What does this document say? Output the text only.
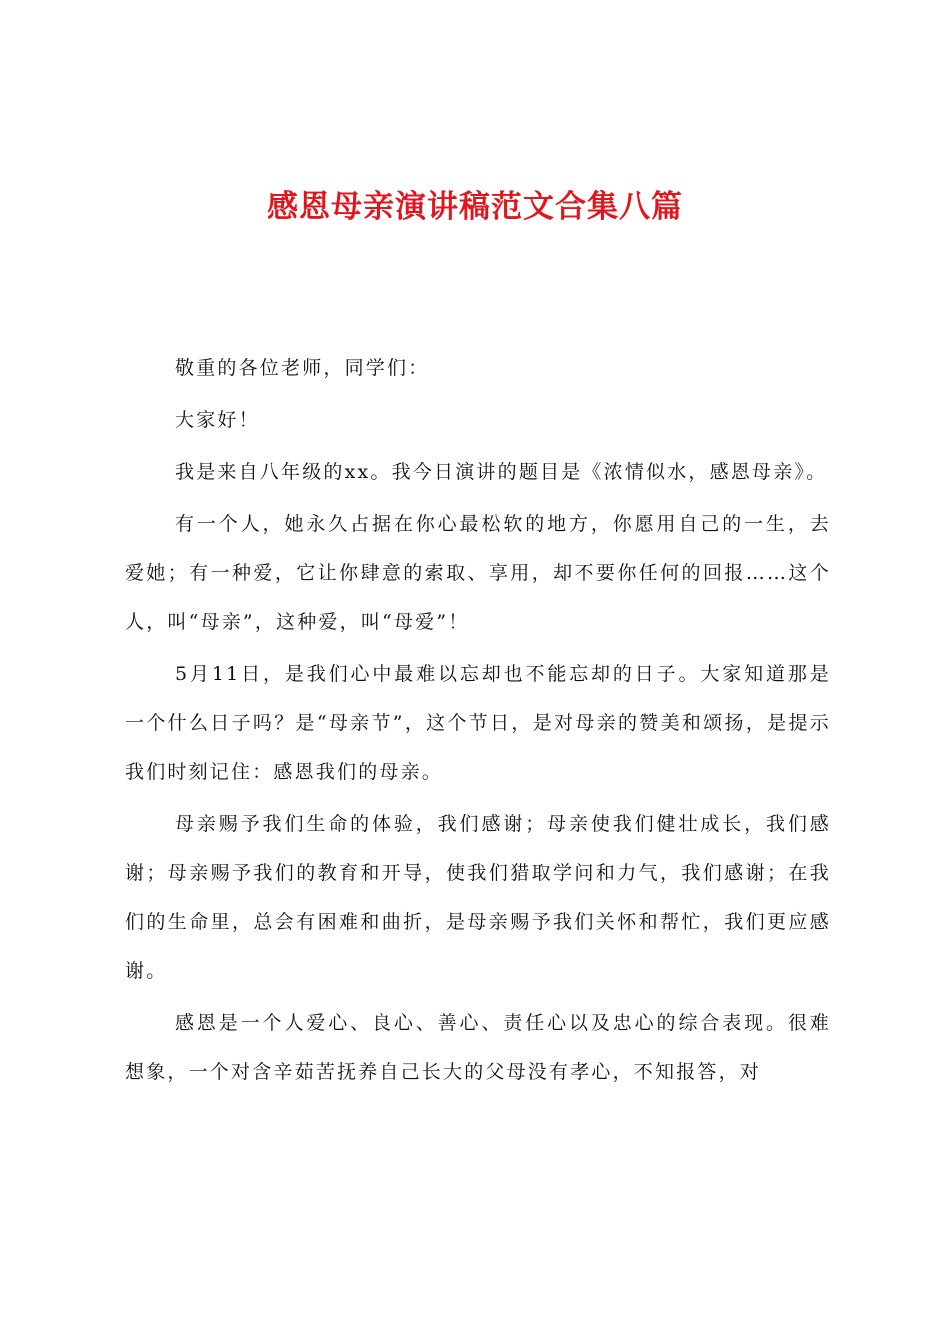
感恩母亲演讲稿范文合集八篇

敬重的各位老师，同学们：

大家好！

我是来自八年级的xx。我今日演讲的题目是《浓情似水，感恩母亲》。

有一个人，她永久占据在你心最松软的地方，你愿用自己的一生，去爱她；有一种爱，它让你肆意的索取、享用，却不要你任何的回报……这个人，叫“母亲”，这种爱，叫“母爱”！

5月11日，是我们心中最难以忘却也不能忘却的日子。大家知道那是一个什么日子吗？是“母亲节”，这个节日，是对母亲的赞美和颂扬，是提示我们时刻记住：感恩我们的母亲。

母亲赐予我们生命的体验，我们感谢；母亲使我们健壮成长，我们感谢；母亲赐予我们的教育和开导，使我们猎取学问和力气，我们感谢；在我们的生命里，总会有困难和曲折，是母亲赐予我们关怀和帮忙，我们更应感谢。

感恩是一个人爱心、良心、善心、责任心以及忠心的综合表现。很难想象，一个对含辛茹苦抚养自己长大的父母没有孝心，不知报答，对
